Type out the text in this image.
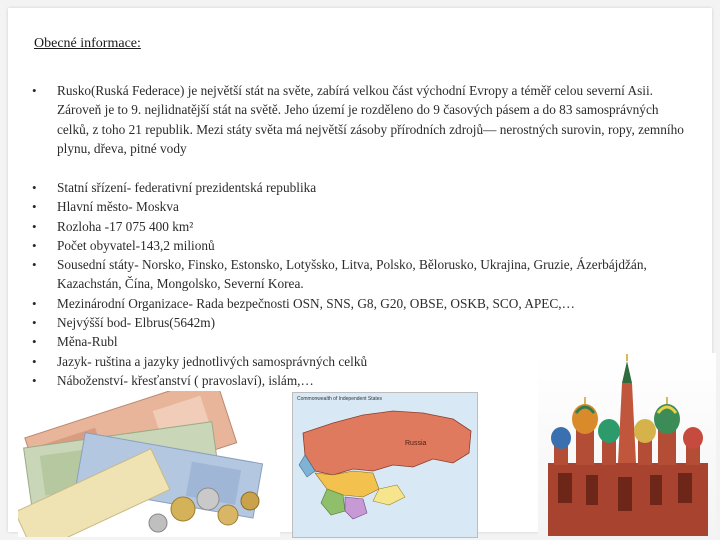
Obecné informace:
• Rusko(Ruská Federace) je největší stát na světe, zabírá velkou část východní Evropy a téměř celou severní Asii. Zároveň je to 9. nejlidnatější stát na světě. Jeho území je rozděleno do 9 časových pásem a do 83 samosprávných celků, z toho 21 republik. Mezi státy světa má největší zásoby přírodních zdrojů— nerostných surovin, ropy, zemního plynu, dřeva, pitné vody
• Statní sřízení- federativní prezidentská republika
• Hlavní město- Moskva
• Rozloha -17 075 400 km²
• Počet obyvatel-143,2 milionů
• Sousední státy- Norsko, Finsko, Estonsko, Lotyšsko, Litva, Polsko, Bělorusko, Ukrajina, Gruzie, Ázerbájdžán, Kazachstán, Čína, Mongolsko, Severní Korea.
• Mezinárodní Organizace- Rada bezpečnosti OSN, SNS, G8, G20, OBSE, OSKB, SCO, APEC,…
• Nejvýšší bod- Elbrus(5642m)
• Měna-Rubl
• Jazyk- ruština a jazyky jednotlivých samosprávných celků
• Náboženství- křesťanství ( pravoslaví), islám,…
Commonwealth of Independent States
Russia
